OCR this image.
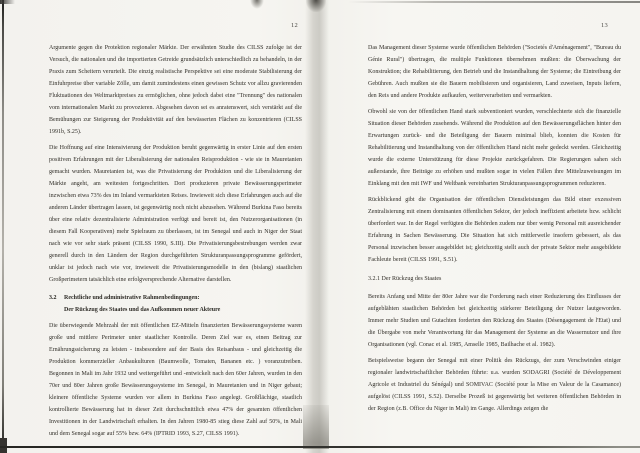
12	13

Argumente gegen die Protektion regionaler Märkte. Der erwähnten Studie des CILSS zufolge ist der Versuch, die nationalen und die importierten Getreide grundsätzlich unterschiedlich zu behandeln, in der Praxis zum Scheitern verurteilt. Die einzig realistische Perspektive sei eine moderate Stabilisierung der Einfuhrpreise über variable Zölle, um damit zumindestens einen gewissen Schutz vor allzu gravierenden Fluktuationen des Weltmarktpreises zu ermöglichen, ohne jedoch dabei eine "Trennung" des nationalen vom internationalen Markt zu provozieren. Abgesehen davon sei es anratenswert, sich verstärkt auf die Bemühungen zur Steigerung der Produktivität auf den bewässerten Flächen zu konzentrieren (CILSS 1991b, S.25).

Die Hoffnung auf eine Intensivierung der Produktion beruht gegenwärtig in erster Linie auf den ersten positiven Erfahrungen mit der Liberalisierung der nationalen Reisproduktion - wie sie in Mauretanien gemacht wurden. Mauretanien ist, was die Privatisierung der Produktion und die Liberalisierung der Märkte angeht, am weitesten fortgeschritten. Dort produzieren private Bewässerungsperimeter inzwischen etwa 73% des im Inland vermarkteten Reises. Inwieweit sich diese Erfahrungen auch auf die anderen Länder übertragen lassen, ist gegenwärtig noch nicht abzusehen. Während Burkina Faso bereits über eine relativ dezentralisierte Administration verfügt und bereit ist, den Nutzerorganisationen (in diesem Fall Kooperativen) mehr Spielraum zu überlassen, ist im Senegal und auch in Niger der Staat nach wie vor sehr stark präsent (CILSS 1990, S.III). Die Privatisierungsbestrebungen werden zwar generell durch in den Ländern der Region durchgeführten Strukturanpassungsprogramme gefördert, unklar ist jedoch nach wie vor, inwieweit die Privatisierungsmodelle in den (bislang) staatlichen Großperimetern tatsächlich eine erfolgversprechende Alternative darstellen.

3.2	Rechtliche und administrative Rahmenbedingungen:
Der Rückzug des Staates und das Aufkommen neuer Akteure

Die überwiegende Mehrzahl der mit öffentlichen EZ-Mitteln finanzierten Bewässerungssysteme waren große und mittlere Perimeter unter staatlicher Kontrolle. Deren Ziel war es, einen Beitrag zur Ernährungssicherung zu leisten - insbesondere auf der Basis des Reisanbaus - und gleichzeitig die Produktion kommerzieller Anbaukulturen (Baumwolle, Tomaten, Bananen etc. ) voranzutreiben. Begonnen in Mali im Jahr 1932 und weitergeführt und -entwickelt nach den 60er Jahren, wurden in den 70er und 80er Jahren große Bewässerungssysteme im Senegal, in Mauretanien und in Niger gebaut; kleinere öffentliche Systeme wurden vor allem in Burkina Faso angelegt. Großflächige, staatlich kontrollierte Bewässerung hat in dieser Zeit durchschnittlich etwa 47% der gesamten öffentlichen Investitionen in der Landwirtschaft erhalten. In den Jahren 1980-85 stieg diese Zahl auf 50%, in Mali und dem Senegal sogar auf 55% bzw. 64% (IPTRID 1993, S.27, CILSS 1991).

Das Management dieser Systeme wurde öffentlichen Behörden ("Societés d'Aménagement", "Bureau du Génie Rural") übertragen, die multiple Funktionen übernehmen mußten: die Überwachung der Konstruktion; die Rehabilitierung, den Betrieb und die Instandhaltung der Systeme; die Eintreibung der Gebühren. Auch mußten sie die Bauern mobilisieren und organisieren, Land zuweisen, Inputs liefern, den Reis und andere Produkte aufkaufen, weiterverarbeiten und vermarkten.

Obwohl sie von der öffentlichen Hand stark subventioniert wurden, verschlechterte sich die finanzielle Situation dieser Behörden zusehends. Während die Produktion auf den Bewässerungsflächen hinter den Erwartungen zurück- und die Beteiligung der Bauern minimal blieb, konnten die Kosten für Rehabilitierung und Instandhaltung von der öffentlichen Hand nicht mehr gedeckt werden. Gleichzeitig wurde die externe Unterstützung für diese Projekte zurückgefahren. Die Regierungen sahen sich außerstande, ihre Beiträge zu erhöhen und mußten sogar in vielen Fällen ihre Mittelzuweisungen im Einklang mit den mit IWF und Weltbank vereinbarten Strukturanpassungsprogrammen reduzieren.

Rückblickend gibt die Organisation der öffentlichen Dienstleistungen das Bild einer exzessiven Zentralisierung mit einem dominanten öffentlichen Sektor, der jedoch ineffizient arbeitete bzw. schlicht überfordert war. In der Regel verfügten die Behörden zudem nur über wenig Personal mit ausreichender Erfahrung in Sachen Bewässerung. Die Situation hat sich mittlerweile insofern gebessert, als das Personal inzwischen besser ausgebildet ist; gleichzeitig stellt auch der private Sektor mehr ausgebildete Fachleute bereit (CILSS 1991, S.51).

3.2.1 Der Rückzug des Staates

Bereits Anfang und Mitte der 80er Jahre war die Forderung nach einer Reduzierung des Einflusses der aufgeblähten staatlichen Behörden bei gleichzeitig stärkerer Beteiligung der Nutzer lautgeworden. Immer mehr Studien und Gutachten forderten den Rückzug des Staates (Désengagement de l'Etat) und die Übergabe von mehr Verantwortung für das Management der Systeme an die Wassernutzer und ihre Organisationen (vgl. Conac et al. 1985, Amselle 1985, Bailhache et al. 1982).

Beispielsweise begann der Senegal mit einer Politik des Rückzugs, der zum Verschwinden einiger regionaler landwirtschaftlicher Behörden führte: u.a. wurden SODAGRI (Société de Développement Agricole et Industriel du Sénégal) und SOMIVAC (Société pour la Mise en Valeur de la Casamance) aufgelöst (CILSS 1991, S.52). Derselbe Prozeß ist gegenwärtig bei weiteren öffentlichen Behörden in der Region (z.B. Office du Niger in Mali) im Gange. Allerdings zeigen die
